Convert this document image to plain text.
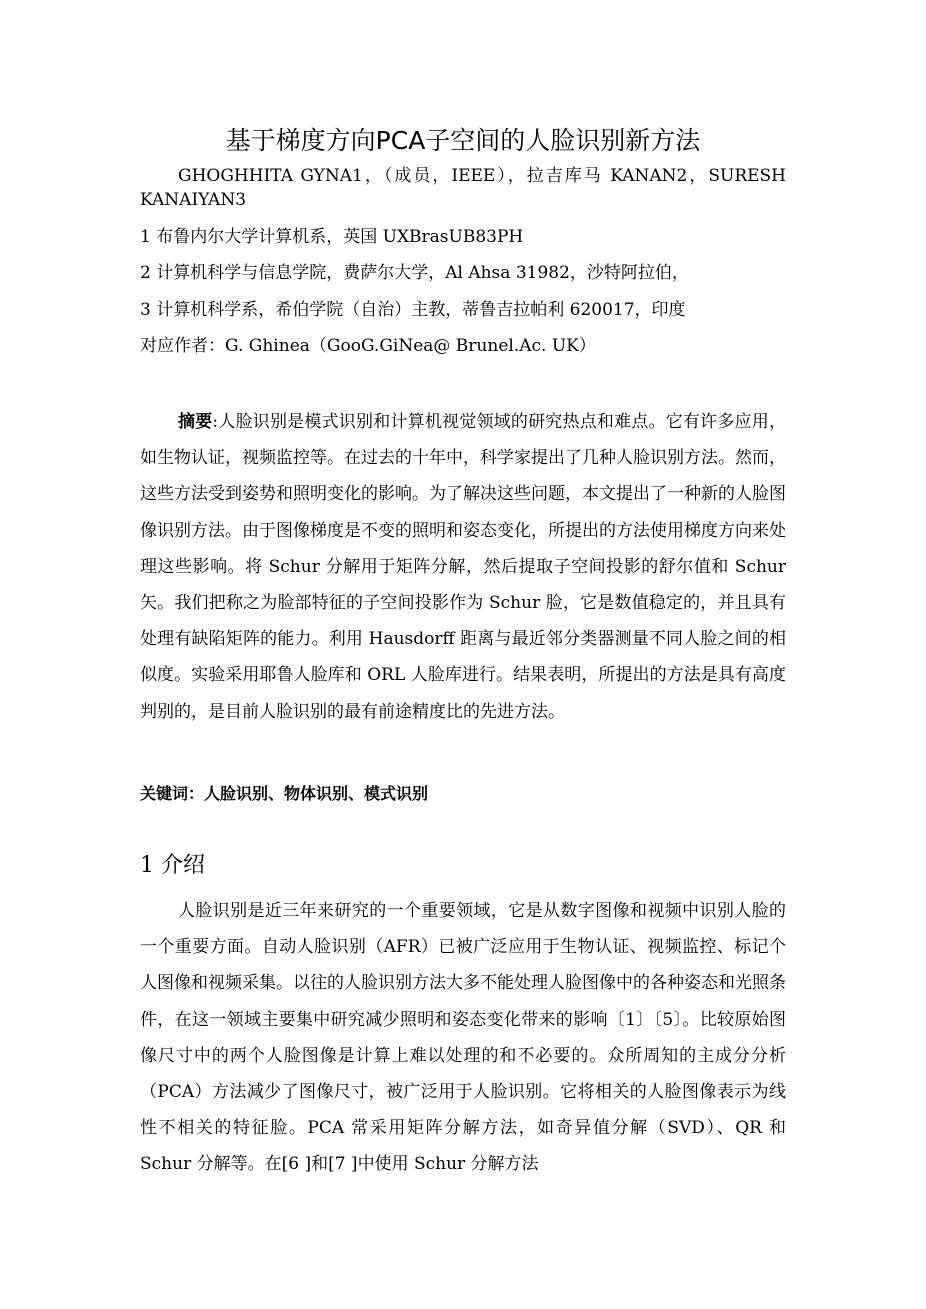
基于梯度方向PCA子空间的人脸识别新方法
GHOGHHITA GYNA1，（成员，IEEE），拉吉库马 KANAN2，SURESH KANAIYAN3
1 布鲁内尔大学计算机系，英国 UXBrasUB83PH
2 计算机科学与信息学院，费萨尔大学，Al Ahsa 31982，沙特阿拉伯，
3 计算机科学系，希伯学院（自治）主教，蒂鲁吉拉帕利 620017，印度
对应作者：G. Ghinea（GooG.GiNea@ Brunel.Ac. UK）

摘要:人脸识别是模式识别和计算机视觉领域的研究热点和难点。它有许多应用，如生物认证，视频监控等。在过去的十年中，科学家提出了几种人脸识别方法。然而，这些方法受到姿势和照明变化的影响。为了解决这些问题，本文提出了一种新的人脸图像识别方法。由于图像梯度是不变的照明和姿态变化，所提出的方法使用梯度方向来处理这些影响。将 Schur 分解用于矩阵分解，然后提取子空间投影的舒尔值和 Schur 矢。我们把称之为脸部特征的子空间投影作为 Schur 脸，它是数值稳定的，并且具有处理有缺陷矩阵的能力。利用 Hausdorff 距离与最近邻分类器测量不同人脸之间的相似度。实验采用耶鲁人脸库和 ORL 人脸库进行。结果表明，所提出的方法是具有高度判别的，是目前人脸识别的最有前途精度比的先进方法。

关键词：人脸识别、物体识别、模式识别
1 介绍

人脸识别是近三年来研究的一个重要领域，它是从数字图像和视频中识别人脸的一个重要方面。自动人脸识别（AFR）已被广泛应用于生物认证、视频监控、标记个人图像和视频采集。以往的人脸识别方法大多不能处理人脸图像中的各种姿态和光照条件，在这一领域主要集中研究减少照明和姿态变化带来的影响〔1〕〔5〕。比较原始图像尺寸中的两个人脸图像是计算上难以处理的和不必要的。众所周知的主成分分析（PCA）方法减少了图像尺寸，被广泛用于人脸识别。它将相关的人脸图像表示为线性不相关的特征脸。PCA 常采用矩阵分解方法，如奇异值分解（SVD）、QR 和 Schur 分解等。在[6 ]和[7 ]中使用 Schur 分解方法
